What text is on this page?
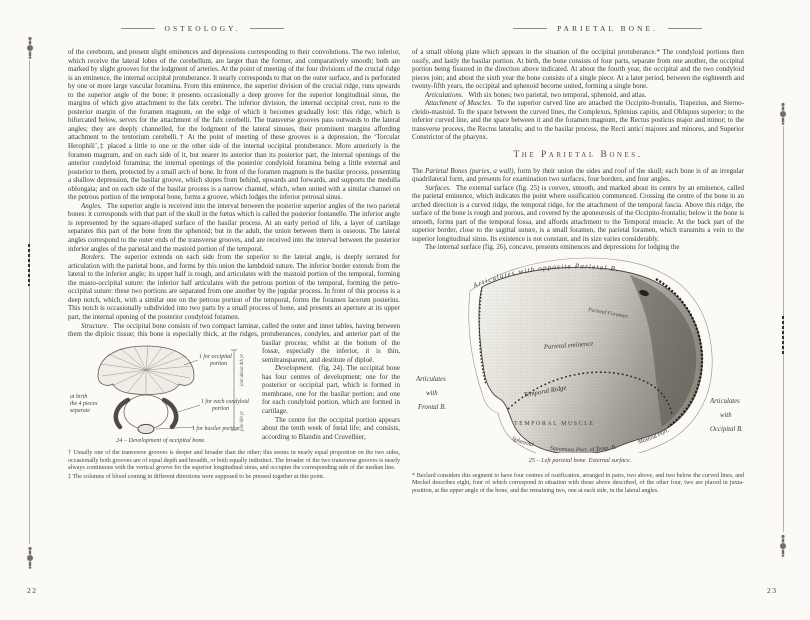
OSTEOLOGY.
of the cerebrum, and present slight eminences and depressions corresponding to their convolutions. The two inferior, which receive the lateral lobes of the cerebellum, are larger than the former, and comparatively smooth; both are marked by slight grooves for the lodgment of arteries. At the point of meeting of the four divisions of the crucial ridge is an eminence, the internal occipital protuberance. It nearly corresponds to that on the outer surface, and is perforated by one or more large vascular foramina. From this eminence, the superior division of the crucial ridge, runs upwards to the superior angle of the bone; it presents occasionally a deep groove for the superior longitudinal sinus, the margins of which give attachment to the falx cerebri. The inferior division, the internal occipital crest, runs to the posterior margin of the foramen magnum, on the edge of which it becomes gradually lost: this ridge, which is bifurcated below, serves for the attachment of the falx cerebelli. The transverse grooves pass outwards to the lateral angles; they are deeply channelled, for the lodgment of the lateral sinuses, their prominent margins affording attachment to the tentorium cerebelli.† At the point of meeting of these grooves is a depression, the ‘Torcular Herophili’,‡ placed a little to one or the other side of the internal occipital protuberance. More anteriorly is the foramen magnum, and on each side of it, but nearer its anterior than its posterior part, the internal openings of the anterior condyloid foramina; the internal openings of the posterior condyloid foramina being a little external and posterior to them, protected by a small arch of bone. In front of the foramen magnum is the basilar process, presenting a shallow depression, the basilar groove, which slopes from behind, upwards and forwards, and supports the medulla oblongata; and on each side of the basilar process is a narrow channel, which, when united with a similar channel on the petrous portion of the temporal bone, forms a groove, which lodges the inferior petrosal sinus.
Angles. The superior angle is received into the interval between the posterior superior angles of the two parietal bones: it corresponds with that part of the skull in the fœtus which is called the posterior fontanelle. The inferior angle is represented by the square-shaped surface of the basilar process. At an early period of life, a layer of cartilage separates this part of the bone from the sphenoid; but in the adult, the union between them is osseous. The lateral angles correspond to the outer ends of the transverse grooves, and are received into the interval between the posterior inferior angles of the parietal and the mastoid portion of the temporal.
Borders. The superior extends on each side from the superior to the lateral angle, is deeply serrated for articulation with the parietal bone, and forms by this union the lambdoid suture. The inferior border extends from the lateral to the inferior angle; its upper half is rough, and articulates with the mastoid portion of the temporal, forming the masto-occipital suture: the inferior half articulates with the petrous portion of the temporal, forming the petro-occipital suture: these two portions are separated from one another by the jugular process. In front of this process is a deep notch, which, with a similar one on the petrous portion of the temporal, forms the foramen lacerum posterius. This notch is occasionally subdivided into two parts by a small process of bone, and presents an aperture at its upper part, the internal opening of the posterior condyloid foramen.
Structure. The occipital bone consists of two compact laminæ, called the outer and inner tables, having between them the diploic tissue; this bone is especially thick, at the ridges, protuberances,
1 for occipital
portion
1 for each condyloid
portion
1 for basilar portion
at birth
the 4 pieces
separate
join about 4th yr
join 6th yr
24 – Development of occipital bone.
condyles, and anterior part of the basilar process; whilst at the bottom of the fossæ, especially the inferior, it is thin, semitransparent, and destitute of diploë.
Development. (fig. 24). The occipital bone has four centres of development; one for the posterior or occipital part, which is formed in membrane, one for the basilar portion; and one for each condyloid portion, which are formed in cartilage.
The centre for the occipital portion appears about the tenth week of fœtal life; and consists, according to Blandin and Cruvelhier,
† Usually one of the transverse grooves is deeper and broader than the other; this seems in nearly equal proportion on the two sides, occasionally both grooves are of equal depth and breadth, or both equally indistinct. The broader of the two transverse grooves is nearly always continuous with the vertical groove for the superior longitudinal sinus, and occupies the corresponding side of the median line.
‡ The columns of blood coming in different directions were supposed to be pressed together at this point.
22
PARIETAL BONE.
of a small oblong plate which appears in the situation of the occipital protuberance.* The condyloid portions then ossify, and lastly the basilar portion. At birth, the bone consists of four parts, separate from one another, the occipital portion being fissured in the direction above indicated. At about the fourth year, the occipital and the two condyloid pieces join; and about the sixth year the bone consists of a single piece. At a later period, between the eighteenth and twenty-fifth years, the occipital and sphenoid become united, forming a single bone.
Articulations. With six bones; two parietal, two temporal, sphenoid, and atlas.
Attachment of Muscles. To the superior curved line are attached the Occipito-frontalis, Trapezius, and Sterno-cleido-mastoid. To the space between the curved lines, the Complexus, Splenius capitis, and Obliquus superior; to the inferior curved line, and the space between it and the foramen magnum, the Rectus posticus major and minor; to the transverse process, the Rectus lateralis; and to the basilar process, the Recti antici majores and minores, and Superior Constrictor of the pharynx.
The Parietal Bones.
The Parietal Bones (paries, a wall), form by their union the sides and roof of the skull; each bone is of an irregular quadrilateral form, and presents for examination two surfaces, four borders, and four angles.
Surfaces. The external surface (fig. 25) is convex, smooth, and marked about its centre by an eminence, called the parietal eminence, which indicates the point where ossification commenced. Crossing the centre of the bone in an arched direction is a curved ridge, the temporal ridge, for the attachment of the temporal fascia. Above this ridge, the surface of the bone is rough and porous, and covered by the aponeurosis of the Occipito-frontalis; below it the bone is smooth, forms part of the temporal fossa, and affords attachment to the Temporal muscle. At the back part of the superior border, close to the sagittal suture, is a small foramen, the parietal foramen, which transmits a vein to the superior longitudinal sinus. Its existence is not constant, and its size varies considerably.
The internal surface (fig. 26), concave, presents eminences and depressions for lodging the
Parietal Foramen
Articulates with opposite Parietal B.
Parietal eminence
Temporal Ridge
TEMPORAL MUSCLE
Articulates
with
Frontal B.
Articulates
with
Occipital B.
Sphenoid
Squamous Port. of Temp. B.
Mastoid Port.
25 – Left parietal bone. External surface.
* Beclard considers this segment to have four centres of ossification, arranged in pairs, two above, and two below the curved lines, and Meckel describes eight, four of which correspond in situation with those above described, of the other four, two are placed in juxta-position, at the upper angle of the bone, and the remaining two, one at each side, in the lateral angles.
23
